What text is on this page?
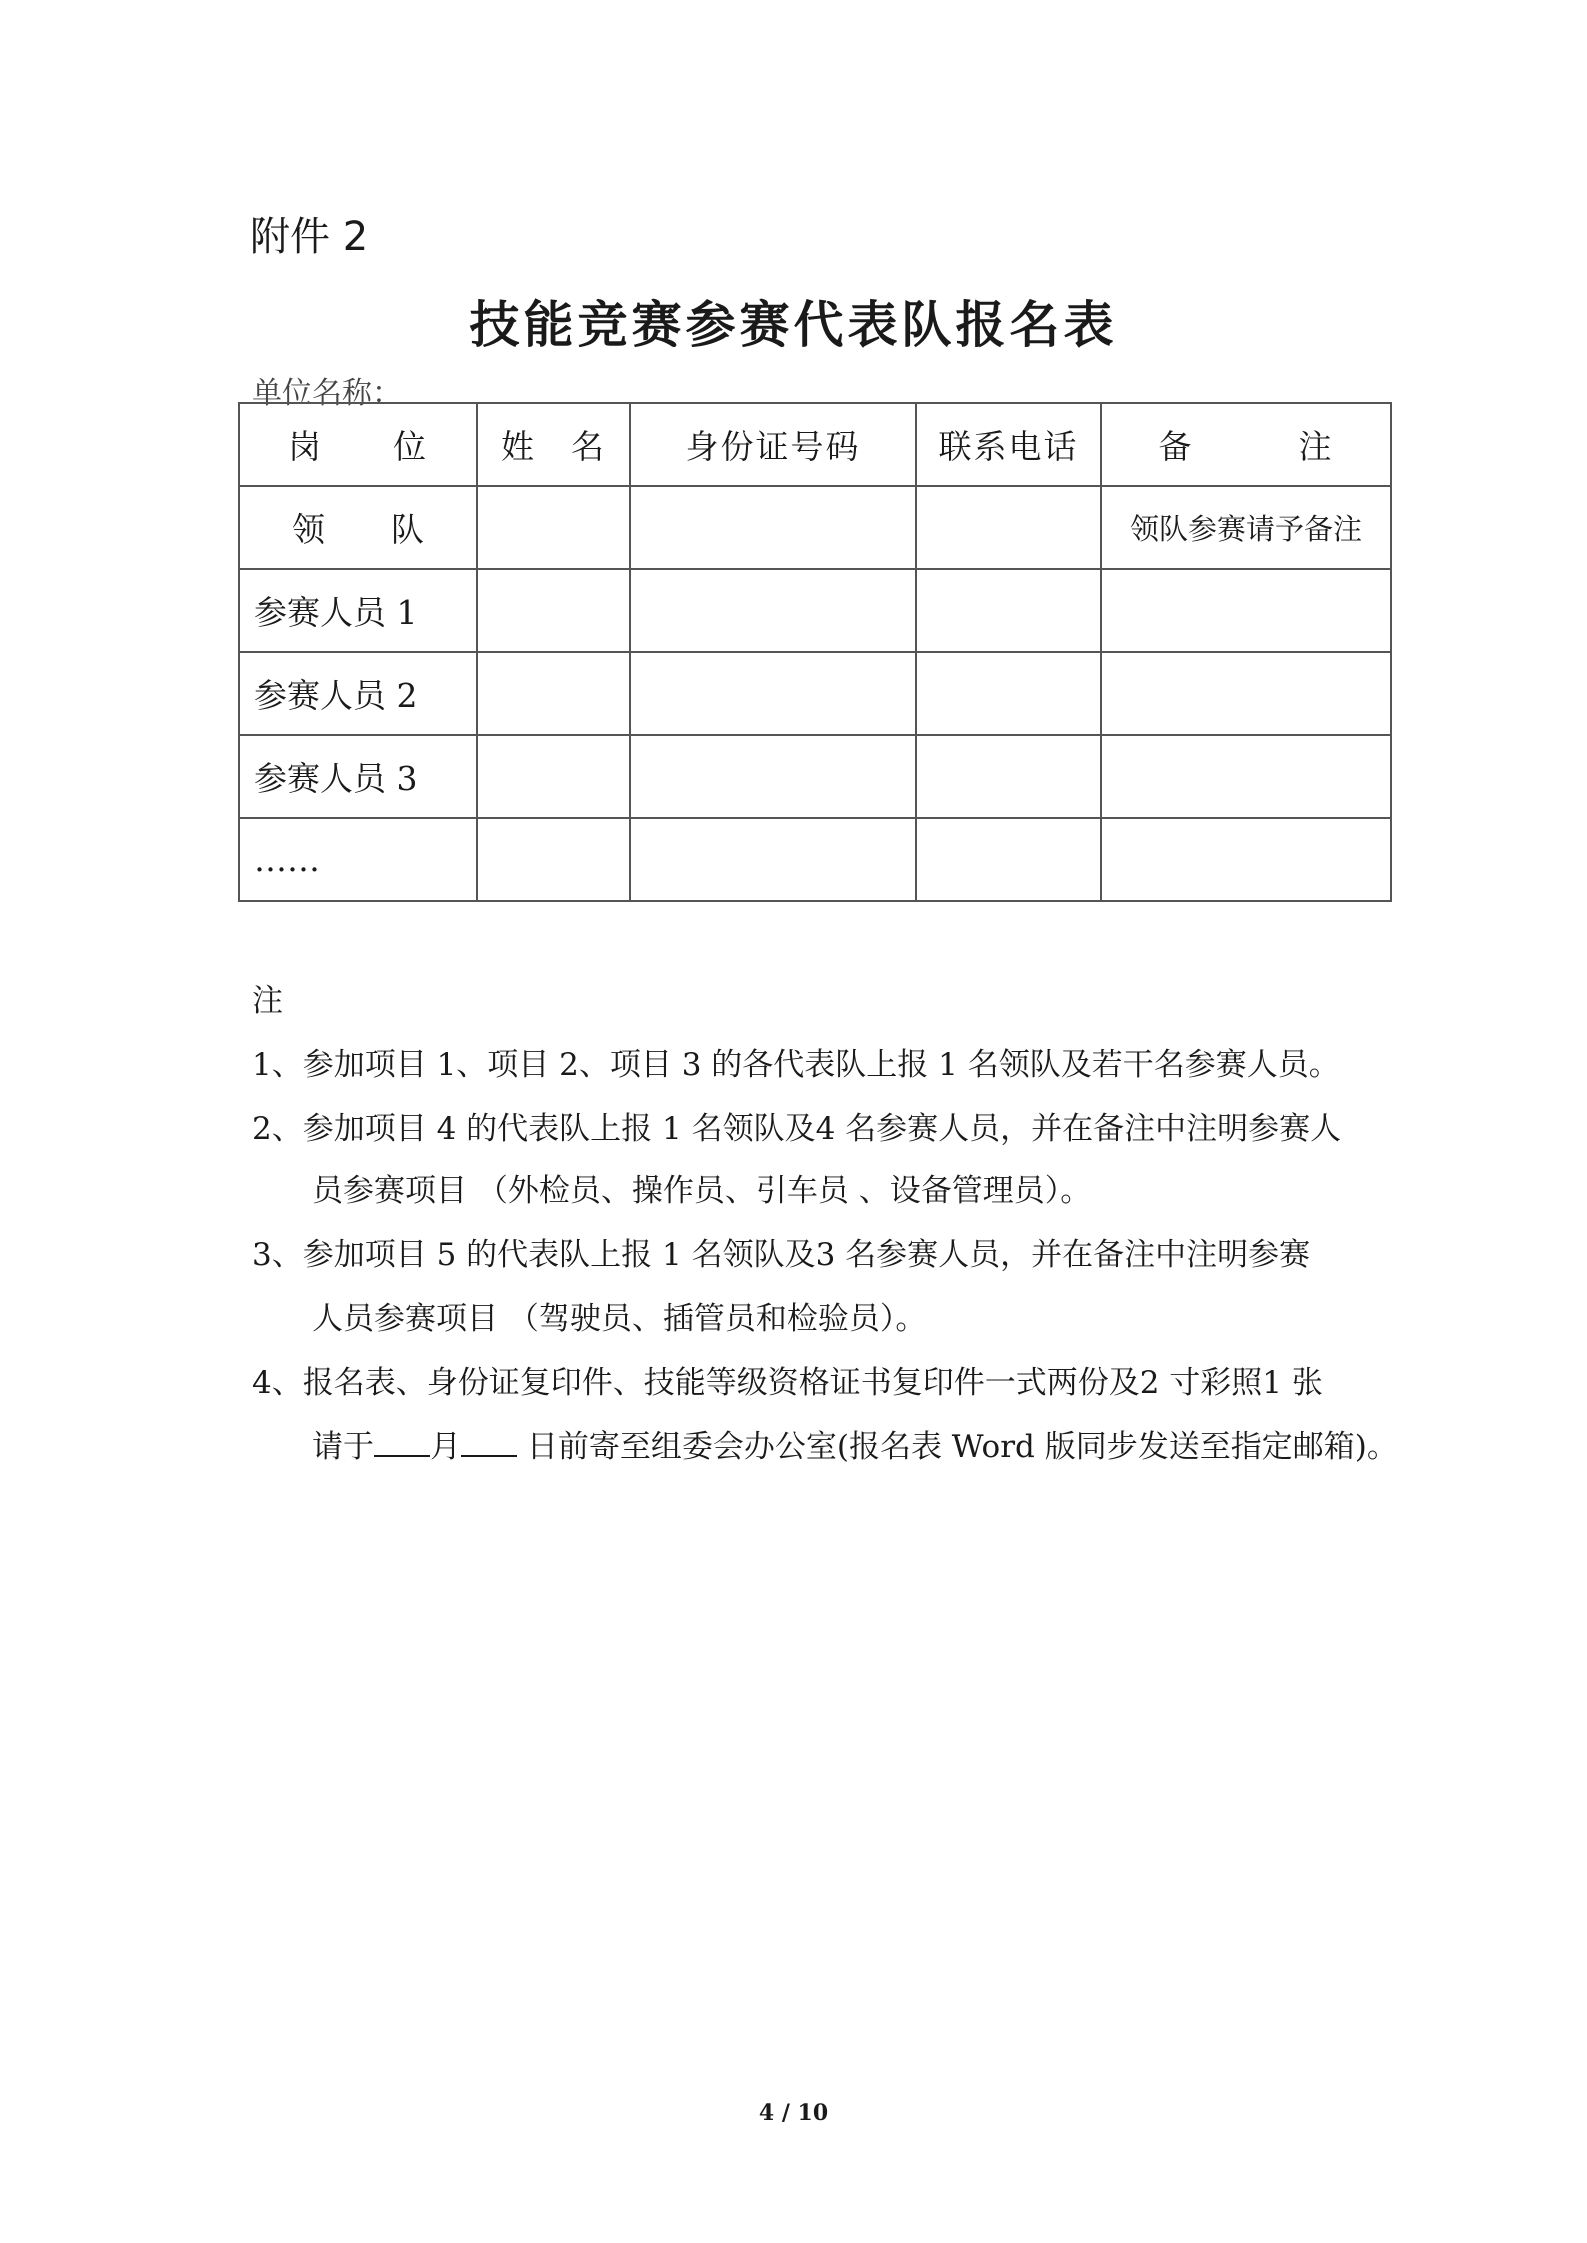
附件 2
技能竞赛参赛代表队报名表
单位名称：
岗　　位	姓　名	身份证号码	联系电话	备　　　注
领　　队				领队参赛请予备注
参赛人员 1				
参赛人员 2				
参赛人员 3				
……				
注
1、参加项目 1、项目 2、项目 3 的各代表队上报 1 名领队及若干名参赛人员。
2、参加项目 4 的代表队上报 1 名领队及4 名参赛人员，并在备注中注明参赛人
员参赛项目 （外检员、操作员、引车员 、设备管理员）。
3、参加项目 5 的代表队上报 1 名领队及3 名参赛人员，并在备注中注明参赛
人员参赛项目 （驾驶员、插管员和检验员）。
4、报名表、身份证复印件、技能等级资格证书复印件一式两份及2 寸彩照1 张
请于 月 日前寄至组委会办公室(报名表 Word 版同步发送至指定邮箱)。
4 / 10
